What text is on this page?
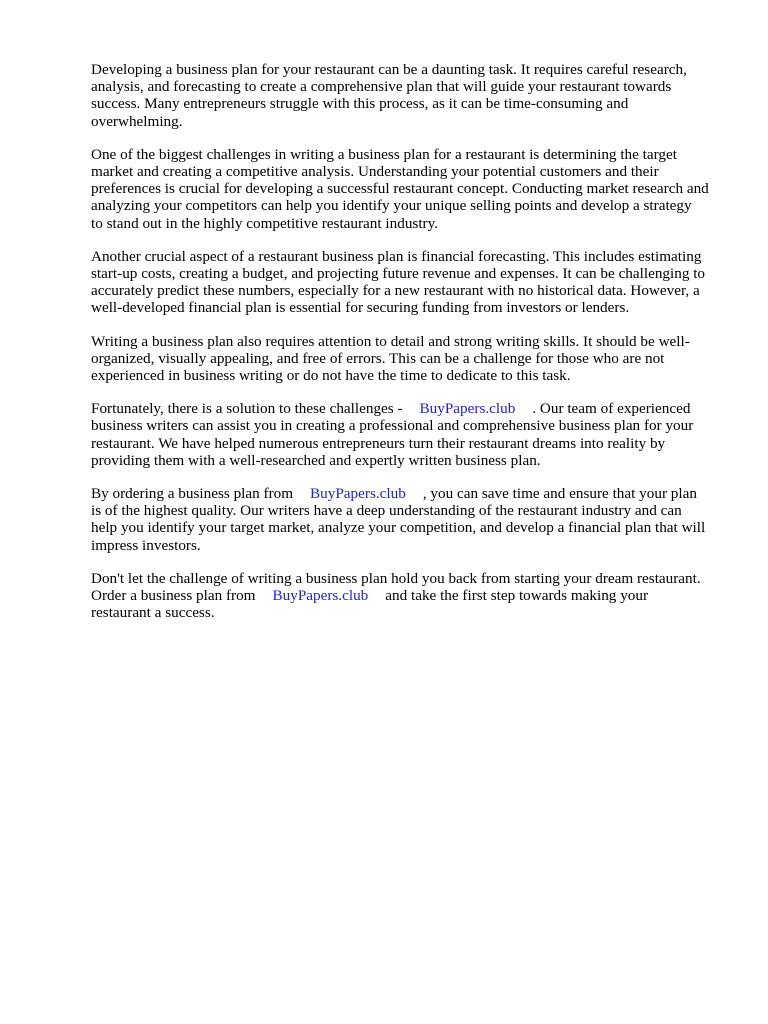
Developing a business plan for your restaurant can be a daunting task. It requires careful research,
analysis, and forecasting to create a comprehensive plan that will guide your restaurant towards
success. Many entrepreneurs struggle with this process, as it can be time-consuming and
overwhelming.

One of the biggest challenges in writing a business plan for a restaurant is determining the target
market and creating a competitive analysis. Understanding your potential customers and their
preferences is crucial for developing a successful restaurant concept. Conducting market research and
analyzing your competitors can help you identify your unique selling points and develop a strategy
to stand out in the highly competitive restaurant industry.

Another crucial aspect of a restaurant business plan is financial forecasting. This includes estimating
start-up costs, creating a budget, and projecting future revenue and expenses. It can be challenging to
accurately predict these numbers, especially for a new restaurant with no historical data. However, a
well-developed financial plan is essential for securing funding from investors or lenders.

Writing a business plan also requires attention to detail and strong writing skills. It should be well-
organized, visually appealing, and free of errors. This can be a challenge for those who are not
experienced in business writing or do not have the time to dedicate to this task.

Fortunately, there is a solution to these challenges - BuyPapers.club . Our team of experienced
business writers can assist you in creating a professional and comprehensive business plan for your
restaurant. We have helped numerous entrepreneurs turn their restaurant dreams into reality by
providing them with a well-researched and expertly written business plan.

By ordering a business plan from BuyPapers.club , you can save time and ensure that your plan
is of the highest quality. Our writers have a deep understanding of the restaurant industry and can
help you identify your target market, analyze your competition, and develop a financial plan that will
impress investors.

Don't let the challenge of writing a business plan hold you back from starting your dream restaurant.
Order a business plan from BuyPapers.club and take the first step towards making your
restaurant a success.
